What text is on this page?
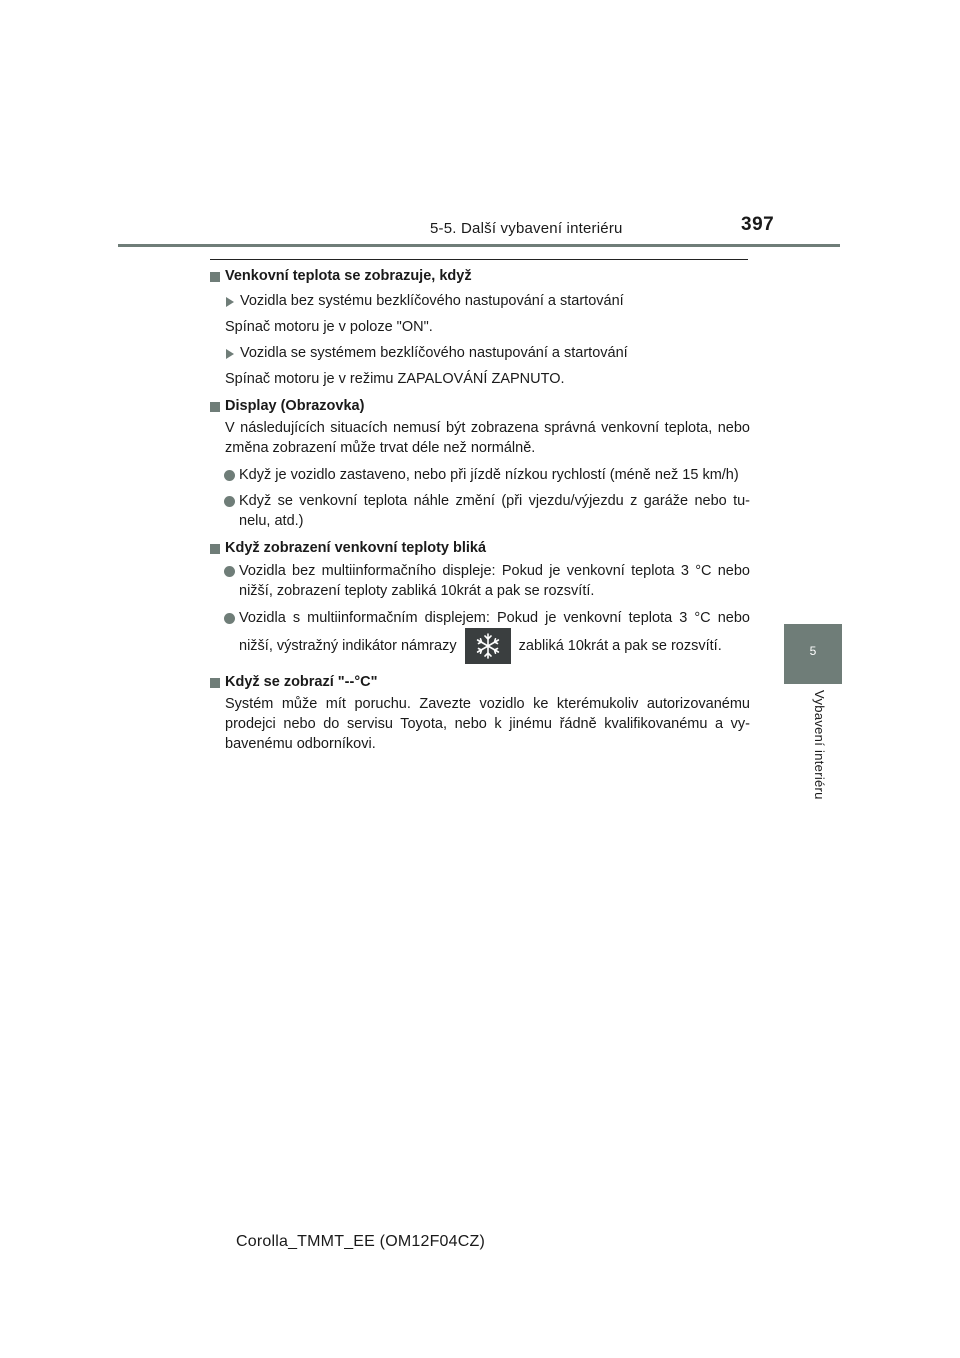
5-5. Další vybavení interiéru	397
5
Vybavení interiéru

Venkovní teplota se zobrazuje, když

Vozidla bez systému bezklíčového nastupování a startování

Spínač motoru je v poloze "ON".

Vozidla se systémem bezklíčového nastupování a startování

Spínač motoru je v režimu ZAPALOVÁNÍ ZAPNUTO.

Display (Obrazovka)

V následujících situacích nemusí být zobrazena správná venkovní teplota, nebo změna zobrazení může trvat déle než normálně.

Když je vozidlo zastaveno, nebo při jízdě nízkou rychlostí (méně než 15 km/h)

Když se venkovní teplota náhle změní (při vjezdu/výjezdu z garáže nebo tu-nelu, atd.)

Když zobrazení venkovní teploty bliká

Vozidla bez multiinformačního displeje: Pokud je venkovní teplota 3 °C nebo nižší, zobrazení teploty zabliká 10krát a pak se rozsvítí.

Vozidla s multiinformačním displejem: Pokud je venkovní teplota 3 °C nebo nižší, výstražný indikátor námrazy	zabliká 10krát a pak se rozsvítí.

Když se zobrazí "--°C"

Systém může mít poruchu. Zavezte vozidlo ke kterémukoliv autorizovanému prodejci nebo do servisu Toyota, nebo k jinému řádně kvalifikovanému a vy-bavenému odborníkovi.

Corolla_TMMT_EE (OM12F04CZ)
